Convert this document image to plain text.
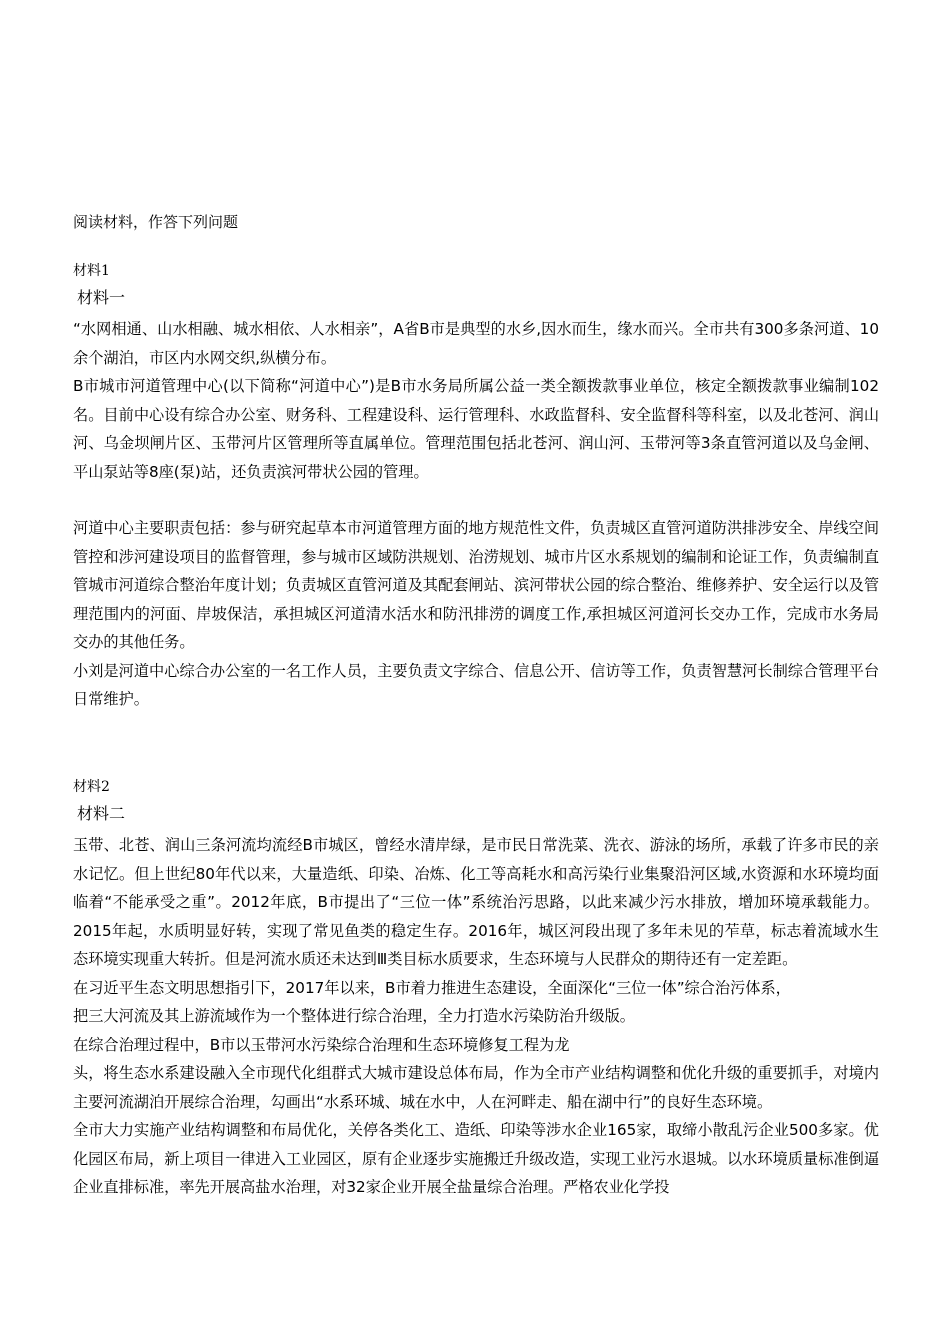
阅读材料，作答下列问题
材料1
材料一

“水网相通、山水相融、城水相依、人水相亲”，A省B市是典型的水乡,因水而生，缘水而兴。全市共有300多条河道、10余个湖泊，市区内水网交织,纵横分布。

B市城市河道管理中心(以下简称“河道中心”)是B市水务局所属公益一类全额拨款事业单位，核定全额拨款事业编制102名。目前中心设有综合办公室、财务科、工程建设科、运行管理科、水政监督科、安全监督科等科室，以及北苍河、润山河、乌金坝闸片区、玉带河片区管理所等直属单位。管理范围包括北苍河、润山河、玉带河等3条直管河道以及乌金闸、平山泵站等8座(泵)站，还负责滨河带状公园的管理。

河道中心主要职责包括：参与研究起草本市河道管理方面的地方规范性文件，负责城区直管河道防洪排涉安全、岸线空间管控和涉河建设项目的监督管理，参与城市区域防洪规划、治涝规划、城市片区水系规划的编制和论证工作，负责编制直管城市河道综合整治年度计划；负责城区直管河道及其配套闸站、滨河带状公园的综合整治、维修养护、安全运行以及管理范围内的河面、岸坡保洁，承担城区河道清水活水和防汛排涝的调度工作,承担城区河道河长交办工作，完成市水务局交办的其他任务。

小刘是河道中心综合办公室的一名工作人员，主要负责文字综合、信息公开、信访等工作，负责智慧河长制综合管理平台日常维护。

材料2
材料二

玉带、北苍、润山三条河流均流经B市城区，曾经水清岸绿，是市民日常洗菜、洗衣、游泳的场所，承载了许多市民的亲水记忆。但上世纪80年代以来，大量造纸、印染、冶炼、化工等高耗水和高污染行业集聚沿河区域,水资源和水环境均面临着“不能承受之重”。2012年底，B市提出了“三位一体”系统治污思路，以此来减少污水排放，增加环境承载能力。2015年起，水质明显好转，实现了常见鱼类的稳定生存。2016年，城区河段出现了多年未见的苲草，标志着流域水生态环境实现重大转折。但是河流水质还未达到Ⅲ类目标水质要求，生态环境与人民群众的期待还有一定差距。

在习近平生态文明思想指引下，2017年以来，B市着力推进生态建设，全面深化“三位一体”综合治污体系，

把三大河流及其上游流域作为一个整体进行综合治理，全力打造水污染防治升级版。

在综合治理过程中，B市以玉带河水污染综合治理和生态环境修复工程为龙

头，将生态水系建设融入全市现代化组群式大城市建设总体布局，作为全市产业结构调整和优化升级的重要抓手，对境内主要河流湖泊开展综合治理，勾画出“水系环城、城在水中，人在河畔走、船在湖中行”的良好生态环境。

全市大力实施产业结构调整和布局优化，关停各类化工、造纸、印染等涉水企业165家，取缔小散乱污企业500多家。优化园区布局，新上项目一律进入工业园区，原有企业逐步实施搬迁升级改造，实现工业污水退城。以水环境质量标准倒逼企业直排标准，率先开展高盐水治理，对32家企业开展全盐量综合治理。严格农业化学投
